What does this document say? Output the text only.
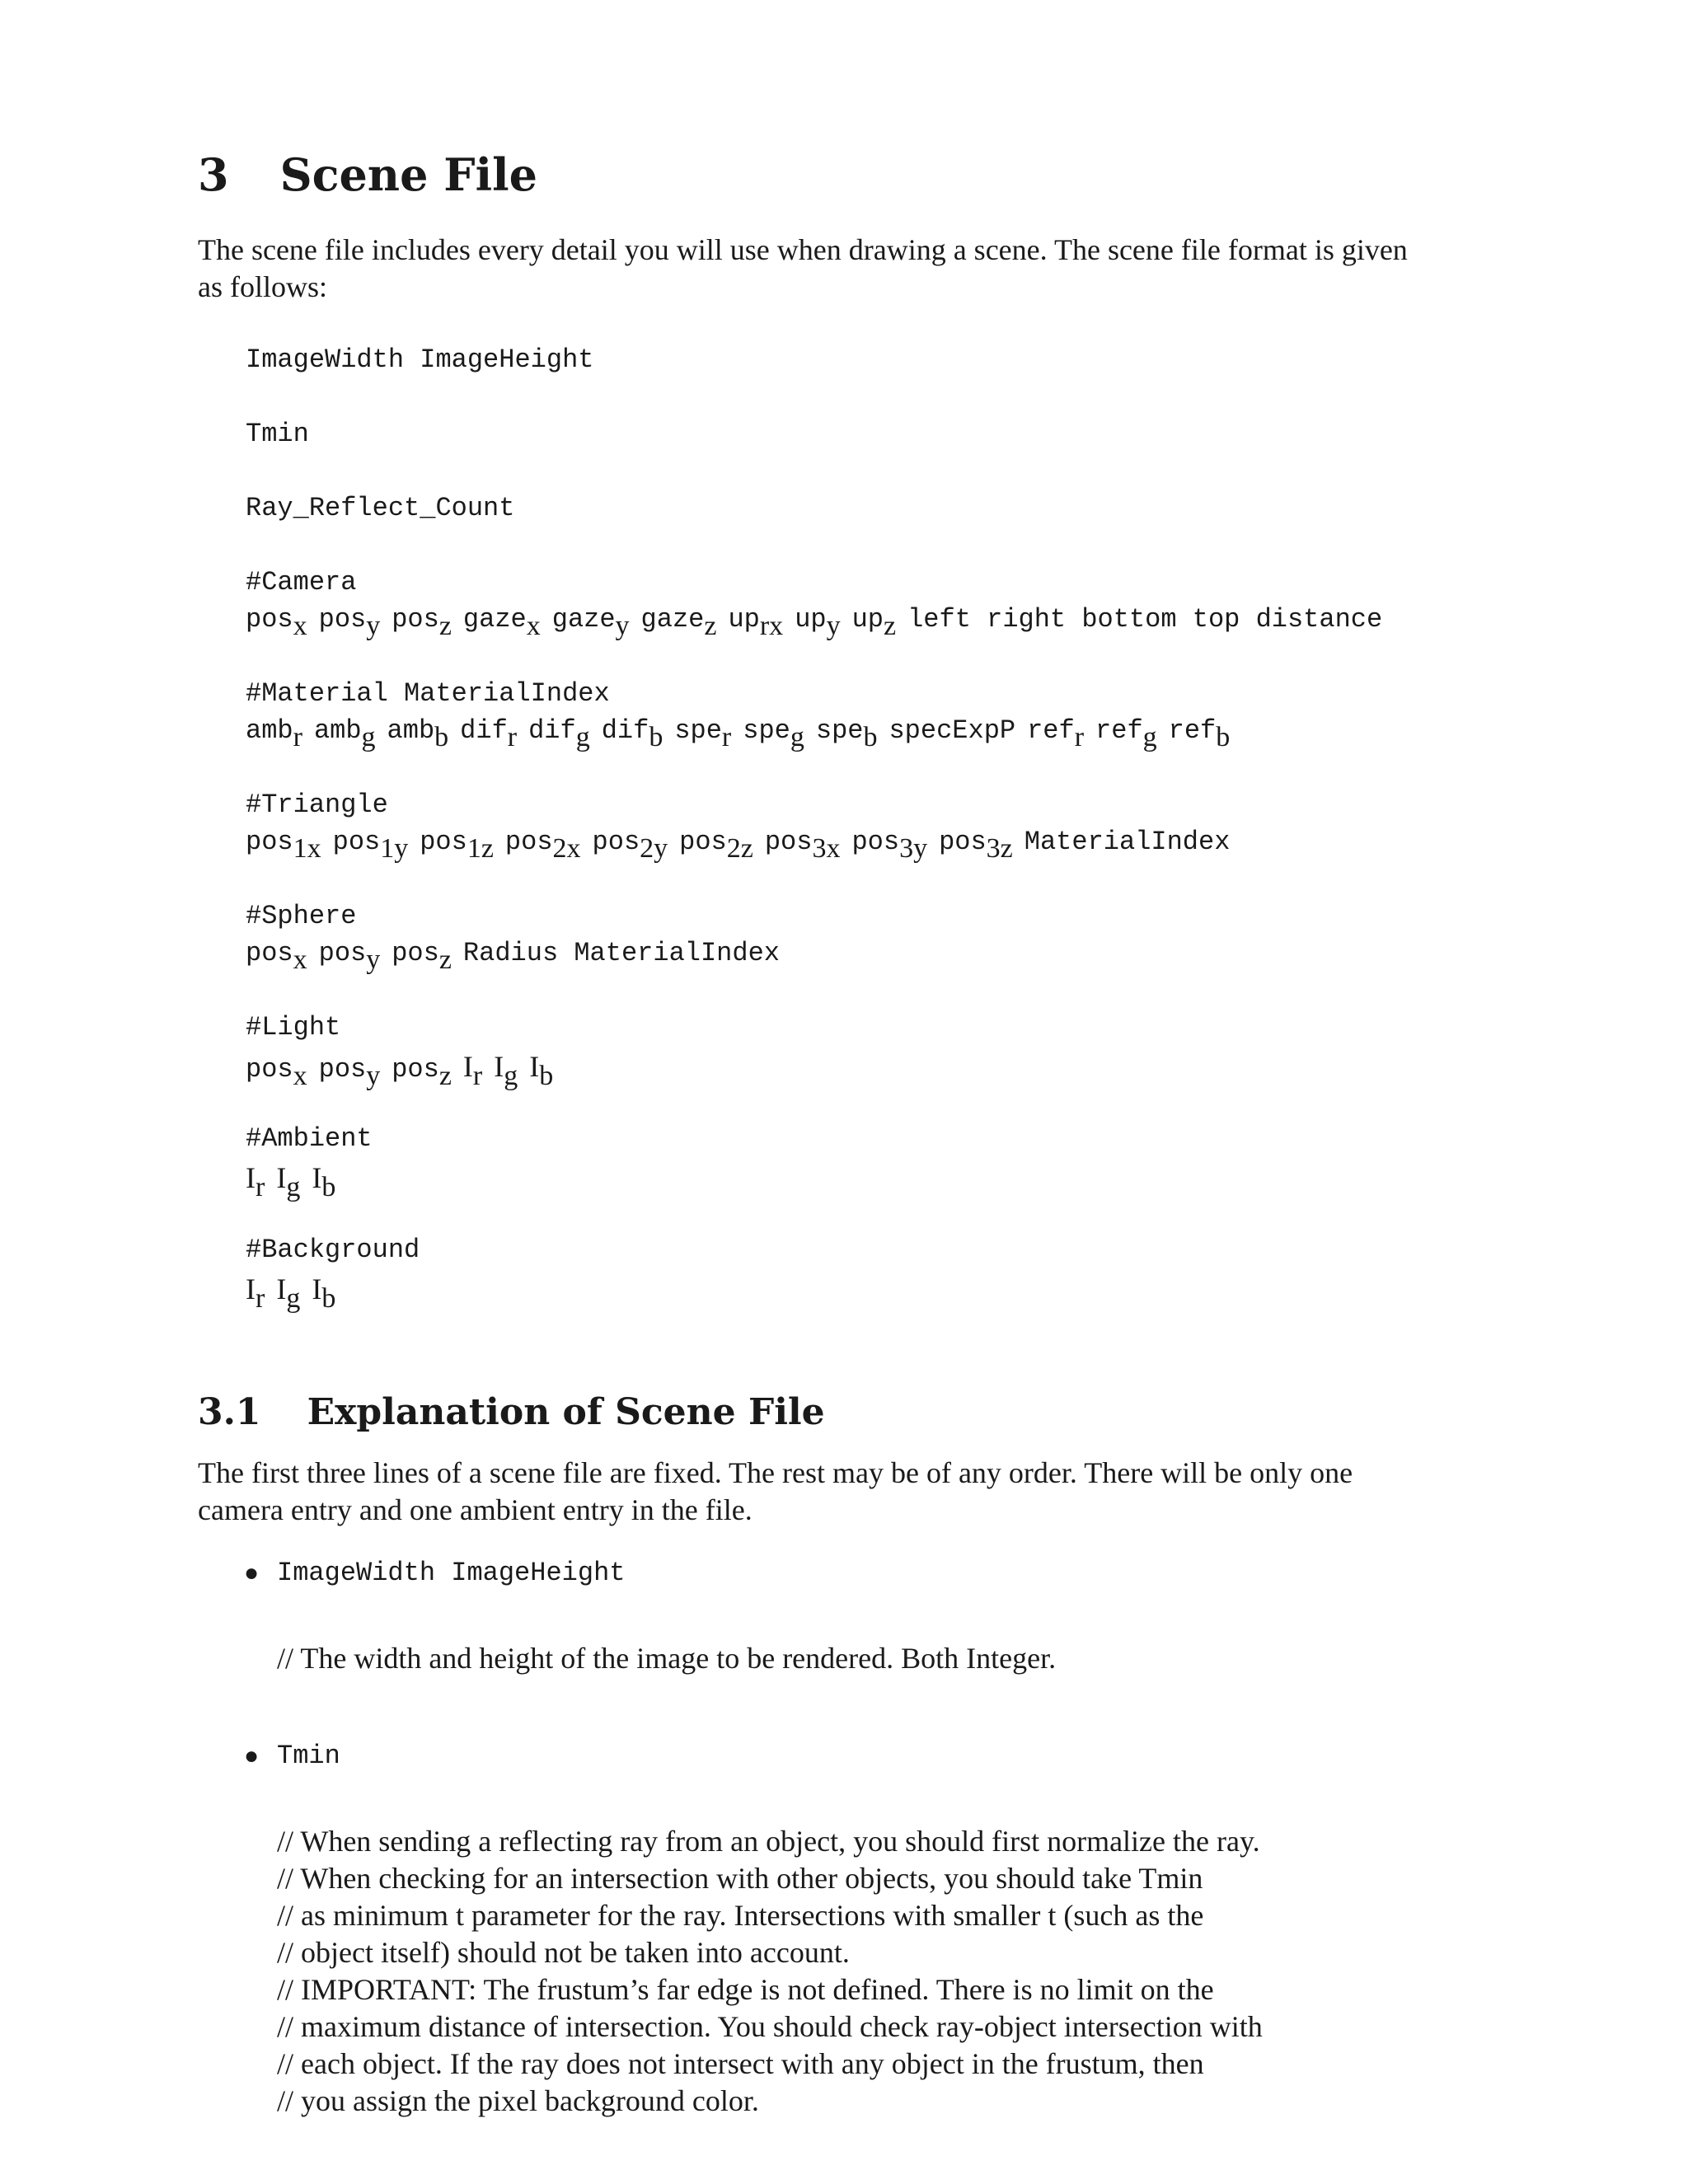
3 Scene File
The scene file includes every detail you will use when drawing a scene. The scene file format is given as follows:
ImageWidth ImageHeight
Tmin
Ray_Reflect_Count
#Camera
posx posy posz gazex gazey gazez uprx upy upz left right bottom top distance
#Material MaterialIndex
ambr ambg ambb difr difg difb sper speg speb specExpP refr refg refb
#Triangle
pos1x pos1y pos1z pos2x pos2y pos2z pos3x pos3y pos3z MaterialIndex
#Sphere
posx posy posz Radius MaterialIndex
#Light
posx posy posz Ir Ig Ib
#Ambient
Ir Ig Ib
#Background
Ir Ig Ib
3.1 Explanation of Scene File
The first three lines of a scene file are fixed. The rest may be of any order. There will be only one camera entry and one ambient entry in the file.
● ImageWidth ImageHeight
// The width and height of the image to be rendered. Both Integer.
● Tmin
// When sending a reflecting ray from an object, you should first normalize the ray.
// When checking for an intersection with other objects, you should take Tmin
// as minimum t parameter for the ray. Intersections with smaller t (such as the
// object itself) should not be taken into account.
// IMPORTANT: The frustum’s far edge is not defined. There is no limit on the
// maximum distance of intersection. You should check ray-object intersection with
// each object. If the ray does not intersect with any object in the frustum, then
// you assign the pixel background color.
